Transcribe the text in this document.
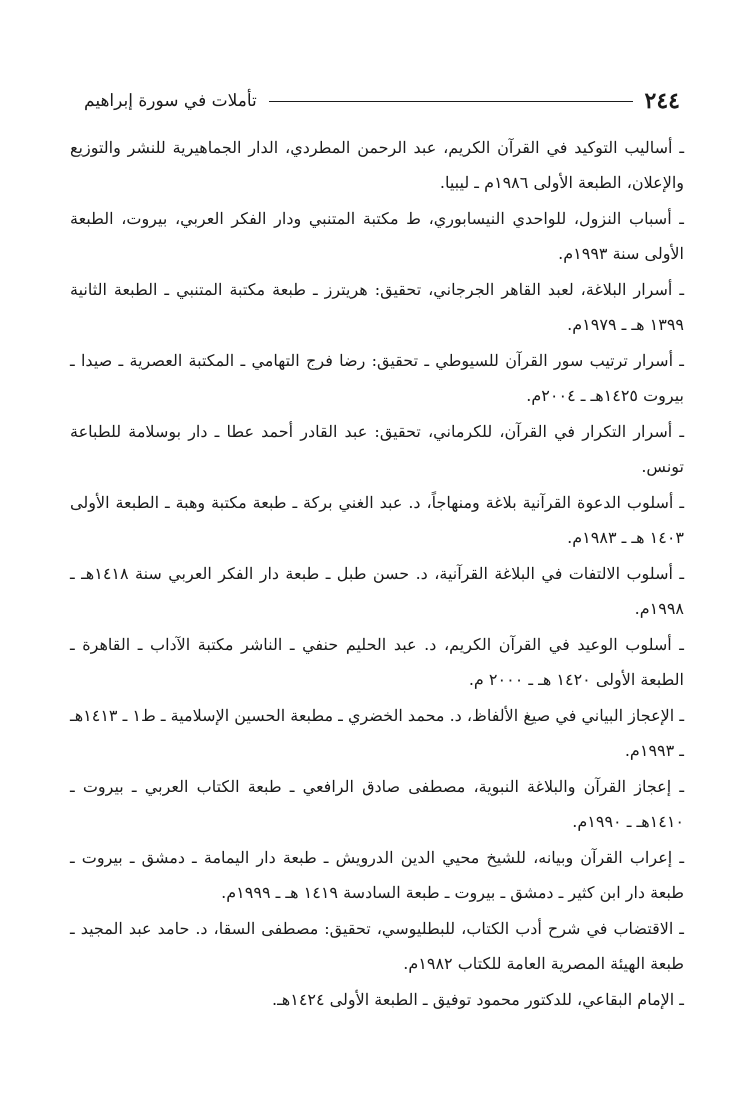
٢٤٤
تأملات في سورة إبراهيم

ـ أساليب التوكيد في القرآن الكريم، عبد الرحمن المطردي، الدار الجماهيرية للنشر والتوزيع والإعلان، الطبعة الأولى ١٩٨٦م ـ ليبيا.

ـ أسباب النزول، للواحدي النيسابوري، ط مكتبة المتنبي ودار الفكر العربي، بيروت، الطبعة الأولى سنة ١٩٩٣م.

ـ أسرار البلاغة، لعبد القاهر الجرجاني، تحقيق: هريترز ـ طبعة مكتبة المتنبي ـ الطبعة الثانية ١٣٩٩ هـ ـ ١٩٧٩م.

ـ أسرار ترتيب سور القرآن للسيوطي ـ تحقيق: رضا فرج التهامي ـ المكتبة العصرية ـ صيدا ـ بيروت ١٤٢٥هـ ـ ٢٠٠٤م.

ـ أسرار التكرار في القرآن، للكرماني، تحقيق: عبد القادر أحمد عطا ـ دار بوسلامة للطباعة تونس.

ـ أسلوب الدعوة القرآنية بلاغة ومنهاجاً، د. عبد الغني بركة ـ طبعة مكتبة وهبة ـ الطبعة الأولى ١٤٠٣ هـ ـ ١٩٨٣م.

ـ أسلوب الالتفات في البلاغة القرآنية، د. حسن طبل ـ طبعة دار الفكر العربي سنة ١٤١٨هـ ـ ١٩٩٨م.

ـ أسلوب الوعيد في القرآن الكريم، د. عبد الحليم حنفي ـ الناشر مكتبة الآداب ـ القاهرة ـ الطبعة الأولى ١٤٢٠ هـ ـ ٢٠٠٠ م.

ـ الإعجاز البياني في صيغ الألفاظ، د. محمد الخضري ـ مطبعة الحسين الإسلامية ـ ط١ ـ ١٤١٣هـ ـ ١٩٩٣م.

ـ إعجاز القرآن والبلاغة النبوية، مصطفى صادق الرافعي ـ طبعة الكتاب العربي ـ بيروت ـ ١٤١٠هـ ـ ١٩٩٠م.

ـ إعراب القرآن وبيانه، للشيخ محيي الدين الدرويش ـ طبعة دار اليمامة ـ دمشق ـ بيروت ـ طبعة دار ابن كثير ـ دمشق ـ بيروت ـ طبعة السادسة ١٤١٩ هـ ـ ١٩٩٩م.

ـ الاقتضاب في شرح أدب الكتاب، للبطليوسي، تحقيق: مصطفى السقا، د. حامد عبد المجيد ـ طبعة الهيئة المصرية العامة للكتاب ١٩٨٢م.

ـ الإمام البقاعي، للدكتور محمود توفيق ـ الطبعة الأولى ١٤٢٤هـ.
